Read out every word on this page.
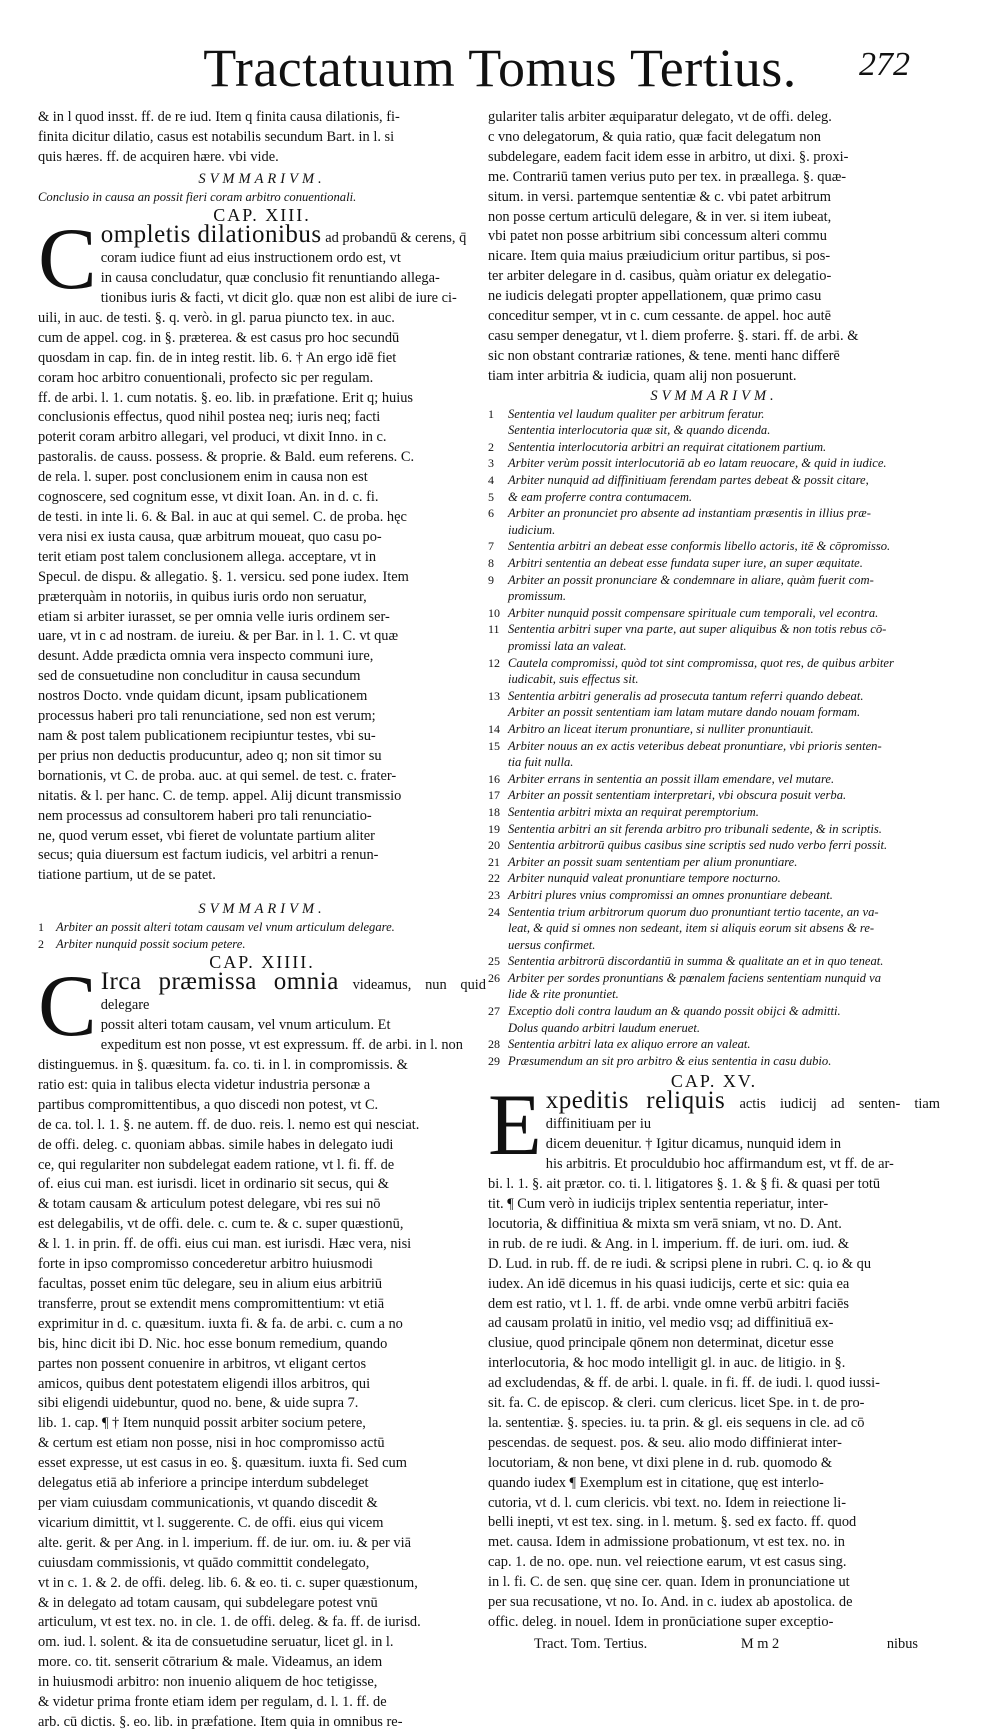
Tractatuum Tomus Tertius.	272
& in l quod insst. ff. de re iud. Item q finita causa dilationis, fi-
finita dicitur dilatio, casus est notabilis secundum Bart. in l. si
quis hæres. ff. de acquiren hære. vbi vide.
SVMMARIVM.
Conclusio in causa an possit fieri coram arbitro conuentionali.
CAP. XIII.

C ompletis dilationibus ad probandū & cerens, q̄

coram iudice fiunt ad eius instructionem ordo est, vt
in causa concludatur, quæ conclusio fit renuntiando allega-
tionibus iuris & facti, vt dicit glo. quæ non est alibi de iure ci-
uili, in auc. de testi. §. q. verò. in gl. parua piuncto tex. in auc.
cum de appel. cog. in §. præterea. & est casus pro hoc secundū
quosdam in cap. fin. de in integ restit. lib. 6. † An ergo idē fiet
coram hoc arbitro conuentionali, profecto sic per regulam.
ff. de arbi. l. 1. cum notatis. §. eo. lib. in præfatione. Erit q; huius
conclusionis effectus, quod nihil postea neq; iuris neq; facti
poterit coram arbitro allegari, vel produci, vt dixit Inno. in c.
pastoralis. de causs. possess. & proprie. & Bald. eum referens. C.
de rela. l. super. post conclusionem enim in causa non est
cognoscere, sed cognitum esse, vt dixit Ioan. An. in d. c. fi.
de testi. in inte li. 6. & Bal. in auc at qui semel. C. de proba. hęc
vera nisi ex iusta causa, quæ arbitrum moueat, quo casu po-
terit etiam post talem conclusionem allega. acceptare, vt in
Specul. de dispu. & allegatio. §. 1. versicu. sed pone iudex. Item
præterquàm in notoriis, in quibus iuris ordo non seruatur,
etiam si arbiter iurasset, se per omnia velle iuris ordinem ser-
uare, vt in c ad nostram. de iureiu. & per Bar. in l. 1. C. vt quæ
desunt. Adde prædicta omnia vera inspecto communi iure,
sed de consuetudine non concluditur in causa secundum
nostros Docto. vnde quidam dicunt, ipsam publicationem
processus haberi pro tali renunciatione, sed non est verum;
nam & post talem publicationem recipiuntur testes, vbi su-
per prius non deductis producuntur, adeo q; non sit timor su
bornationis, vt C. de proba. auc. at qui semel. de test. c. frater-
nitatis. & l. per hanc. C. de temp. appel. Alij dicunt transmissio
nem processus ad consultorem haberi pro tali renunciatio-
ne, quod verum esset, vbi fieret de voluntate partium aliter
secus; quia diuersum est factum iudicis, vel arbitri a renun-
tiatione partium, ut de se patet.
SVMMARIVM.
1 Arbiter an possit alteri totam causam vel vnum articulum delegare.
2 Arbiter nunquid possit socium petere.
CAP. XIIII.

C Irca præmissa omnia videamus, nun quid delegare

possit alteri totam causam, vel vnum articulum. Et
expeditum est non posse, vt est expressum. ff. de arbi. in l. non
distinguemus. in §. quæsitum. fa. co. ti. in l. in compromissis. &
ratio est: quia in talibus electa videtur industria personæ a
partibus compromittentibus, a quo discedi non potest, vt C.
de ca. tol. l. 1. §. ne autem. ff. de duo. reis. l. nemo est qui nesciat.
de offi. deleg. c. quoniam abbas. simile habes in delegato iudi
ce, qui regulariter non subdelegat eadem ratione, vt l. fi. ff. de
of. eius cui man. est iurisdi. licet in ordinario sit secus, qui &
& totam causam & articulum potest delegare, vbi res sui nō
est delegabilis, vt de offi. dele. c. cum te. & c. super quæstionū,
& l. 1. in prin. ff. de offi. eius cui man. est iurisdi. Hæc vera, nisi
forte in ipso compromisso concederetur arbitro huiusmodi
facultas, posset enim tūc delegare, seu in alium eius arbitriū
transferre, prout se extendit mens compromittentium: vt etiā
exprimitur in d. c. quæsitum. iuxta fi. & fa. de arbi. c. cum a no
bis, hinc dicit ibi D. Nic. hoc esse bonum remedium, quando
partes non possent conuenire in arbitros, vt eligant certos
amicos, quibus dent potestatem eligendi illos arbitros, qui
sibi eligendi uidebuntur, quod no. bene, & uide supra 7.
lib. 1. cap. ¶ † Item nunquid possit arbiter socium petere,
& certum est etiam non posse, nisi in hoc compromisso actū
esset expresse, ut est casus in eo. §. quæsitum. iuxta fi. Sed cum
delegatus etiā ab inferiore a principe interdum subdeleget
per viam cuiusdam communicationis, vt quando discedit &
vicarium dimittit, vt l. suggerente. C. de offi. eius qui vicem
alte. gerit. & per Ang. in l. imperium. ff. de iur. om. iu. & per viā
cuiusdam commissionis, vt quādo committit condelegato,
vt in c. 1. & 2. de offi. deleg. lib. 6. & eo. ti. c. super quæstionum,
& in delegato ad totam causam, qui subdelegare potest vnū
articulum, vt est tex. no. in cle. 1. de offi. deleg. & fa. ff. de iurisd.
om. iud. l. solent. & ita de consuetudine seruatur, licet gl. in l.
more. co. tit. senserit cōtrarium & male. Videamus, an idem
in huiusmodi arbitro: non inuenio aliquem de hoc tetigisse,
& videtur prima fronte etiam idem per regulam, d. l. 1. ff. de
arb. cū dictis. §. eo. lib. in præfatione. Item quia in omnibus re-
gulariter talis arbiter æquiparatur delegato, vt de offi. deleg.
c vno delegatorum, & quia ratio, quæ facit delegatum non
subdelegare, eadem facit idem esse in arbitro, ut dixi. §. proxi-
me. Contrariū tamen verius puto per tex. in præallega. §. quæ-
situm. in versi. partemque sententiæ & c. vbi patet arbitrum
non posse certum articulū delegare, & in ver. si item iubeat,
vbi patet non posse arbitrium sibi concessum alteri commu
nicare. Item quia maius præiudicium oritur partibus, si pos-
ter arbiter delegare in d. casibus, quàm oriatur ex delegatio-
ne iudicis delegati propter appellationem, quæ primo casu
conceditur semper, vt in c. cum cessante. de appel. hoc autē
casu semper denegatur, vt l. diem proferre. §. stari. ff. de arbi. &
sic non obstant contrariæ rationes, & tene. menti hanc differē
tiam inter arbitria & iudicia, quam alij non posuerunt.
SVMMARIVM.
1	Sententia vel laudum qualiter per arbitrum feratur.
Sententia interlocutoria quæ sit, & quando dicenda.
2	Sententia interlocutoria arbitri an requirat citationem partium.
3	Arbiter verùm possit interlocutoriā ab eo latam reuocare, & quid in iudice.
4	Arbiter nunquid ad diffinitiuam ferendam partes debeat & possit citare,
5	& eam proferre contra contumacem.
6	Arbiter an pronunciet pro absente ad instantiam præsentis in illius præ-
iudicium.
7	Sententia arbitri an debeat esse conformis libello actoris, itē & cōpromisso.
8	Arbitri sententia an debeat esse fundata super iure, an super æquitate.
9	Arbiter an possit pronunciare & condemnare in aliare, quàm fuerit com-
promissum.
10 Arbiter nunquid possit compensare spirituale cum temporali, vel econtra.
11 Sententia arbitri super vna parte, aut super aliquibus & non totis rebus cō-
promissi lata an valeat.
12 Cautela compromissi, quòd tot sint compromissa, quot res, de quibus arbiter
iudicabit, suis effectus sit.
13 Sententia arbitri generalis ad prosecuta tantum referri quando debeat.
Arbiter an possit sententiam iam latam mutare dando nouam formam.
14 Arbitro an liceat iterum pronuntiare, si nulliter pronuntiauit.
15 Arbiter nouus an ex actis veteribus debeat pronuntiare, vbi prioris senten-
tia fuit nulla.
16 Arbiter errans in sententia an possit illam emendare, vel mutare.
17 Arbiter an possit sententiam interpretari, vbi obscura posuit verba.
18 Sententia arbitri mixta an requirat peremptorium.
19 Sententia arbitri an sit ferenda arbitro pro tribunali sedente, & in scriptis.
20 Sententia arbitrorū quibus casibus sine scriptis sed nudo verbo ferri possit.
21 Arbiter an possit suam sententiam per alium pronuntiare.
22 Arbiter nunquid valeat pronuntiare tempore nocturno.
23 Arbitri plures vnius compromissi an omnes pronuntiare debeant.
24 Sententia trium arbitrorum quorum duo pronuntiant tertio tacente, an va-
leat, & quid si omnes non sedeant, item si aliquis eorum sit absens & re-
uersus confirmet.
25 Sententia arbitrorū discordantiū in summa & qualitate an et in quo teneat.
26 Arbiter per sordes pronuntians & pœnalem faciens sententiam nunquid va
lide & rite pronuntiet.
27 Exceptio doli contra laudum an & quando possit obijci & admitti.
Dolus quando arbitri laudum eneruet.
28 Sententia arbitri lata ex aliquo errore an valeat.
29 Præsumendum an sit pro arbitro & eius sententia in casu dubio.
CAP. XV.

E xpeditis reliquis actis iudicij ad senten- tiam diffinitiuam per iu

dicem deuenitur. † Igitur dicamus, nunquid idem in
his arbitris. Et proculdubio hoc affirmandum est, vt ff. de ar-
bi. l. 1. §. ait prætor. co. ti. l. litigatores §. 1. & § fi. & quasi per totū
tit. ¶ Cum verò in iudicijs triplex sententia reperiatur, inter-
locutoria, & diffinitiua & mixta sm verā sniam, vt no. D. Ant.
in rub. de re iudi. & Ang. in l. imperium. ff. de iuri. om. iud. &
D. Lud. in rub. ff. de re iudi. & scripsi plene in rubri. C. q. io & qu
iudex. An idē dicemus in his quasi iudicijs, certe et sic: quia ea
dem est ratio, vt l. 1. ff. de arbi. vnde omne verbū arbitri faciēs
ad causam prolatū in initio, vel medio vsq; ad diffinitiuā ex-
clusiue, quod principale qōnem non determinat, dicetur esse
interlocutoria, & hoc modo intelligit gl. in auc. de litigio. in §.
ad excludendas, & ff. de arbi. l. quale. in fi. ff. de iudi. l. quod iussi-
sit. fa. C. de episcop. & cleri. cum clericus. licet Spe. in t. de pro-
la. sententiæ. §. species. iu. ta prin. & gl. eis sequens in cle. ad cō
pescendas. de sequest. pos. & seu. alio modo diffinierat inter-
locutoriam, & non bene, vt dixi plene in d. rub. quomodo &
quando iudex ¶ Exemplum est in citatione, quę est interlo-
cutoria, vt d. l. cum clericis. vbi text. no. Idem in reiectione li-
belli inepti, vt est tex. sing. in l. metum. §. sed ex facto. ff. quod
met. causa. Idem in admissione probationum, vt est tex. no. in
cap. 1. de no. ope. nun. vel reiectione earum, vt est casus sing.
in l. fi. C. de sen. quę sine cer. quan. Idem in pronunciatione ut
per sua recusatione, vt no. Io. And. in c. iudex ab apostolica. de
offic. deleg. in nouel. Idem in pronūciatione super exceptio-
Tract. Tom. Tertius.	M m 2	nibus
